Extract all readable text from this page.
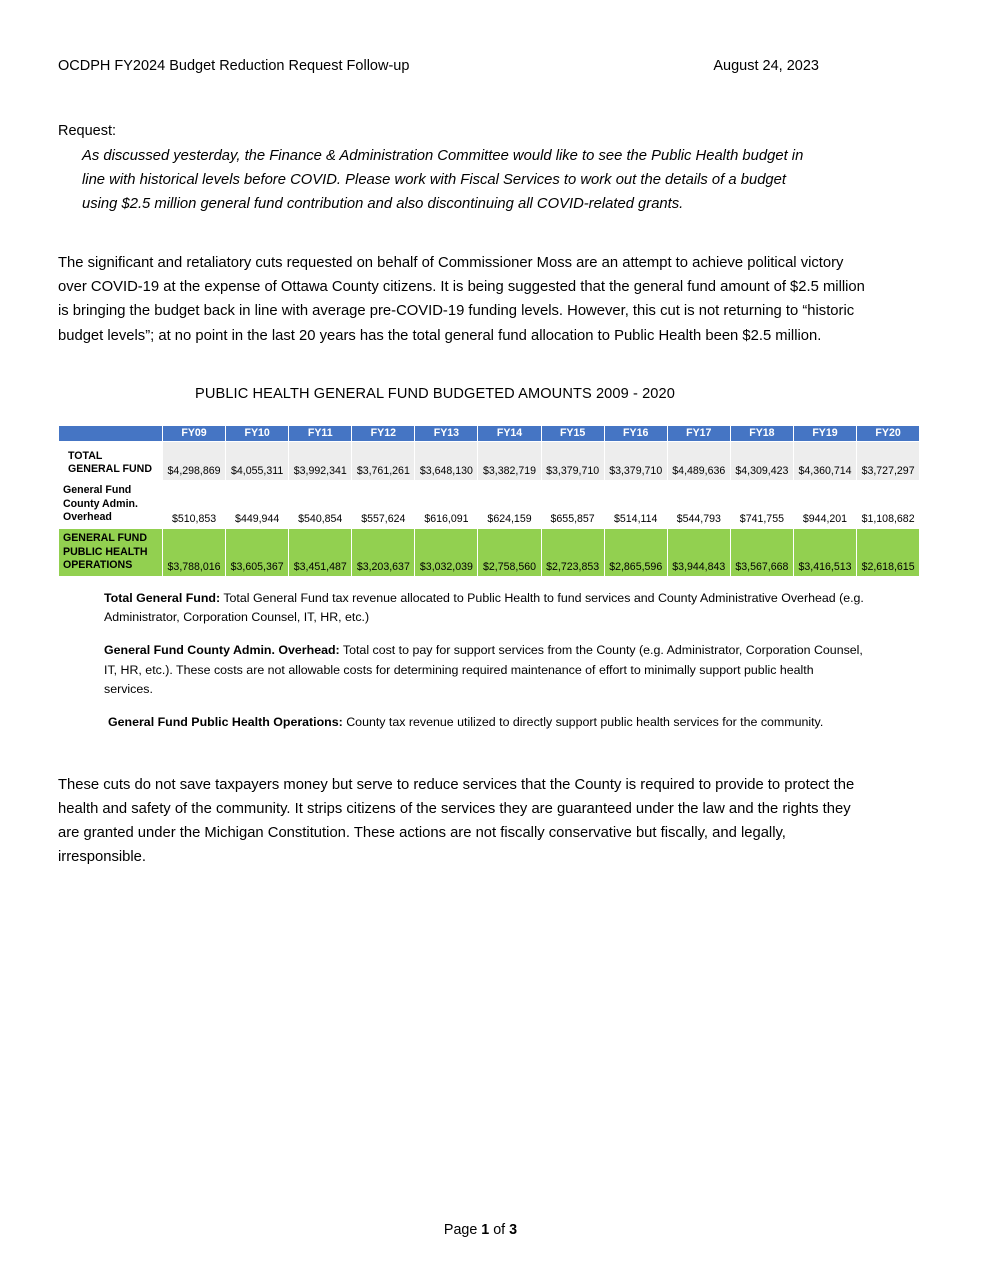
OCDPH FY2024 Budget Reduction Request Follow-up	August 24, 2023
Request:
As discussed yesterday, the Finance & Administration Committee would like to see the Public Health budget in line with historical levels before COVID. Please work with Fiscal Services to work out the details of a budget using $2.5 million general fund contribution and also discontinuing all COVID-related grants.
The significant and retaliatory cuts requested on behalf of Commissioner Moss are an attempt to achieve political victory over COVID-19 at the expense of Ottawa County citizens. It is being suggested that the general fund amount of $2.5 million is bringing the budget back in line with average pre-COVID-19 funding levels. However, this cut is not returning to “historic budget levels”; at no point in the last 20 years has the total general fund allocation to Public Health been $2.5 million.
PUBLIC HEALTH GENERAL FUND BUDGETED AMOUNTS 2009 - 2020
	FY09	FY10	FY11	FY12	FY13	FY14	FY15	FY16	FY17	FY18	FY19	FY20
TOTAL
GENERAL FUND	$4,298,869	$4,055,311	$3,992,341	$3,761,261	$3,648,130	$3,382,719	$3,379,710	$3,379,710	$4,489,636	$4,309,423	$4,360,714	$3,727,297
General Fund
County Admin.
Overhead	$510,853	$449,944	$540,854	$557,624	$616,091	$624,159	$655,857	$514,114	$544,793	$741,755	$944,201	$1,108,682
GENERAL FUND
PUBLIC HEALTH
OPERATIONS	$3,788,016	$3,605,367	$3,451,487	$3,203,637	$3,032,039	$2,758,560	$2,723,853	$2,865,596	$3,944,843	$3,567,668	$3,416,513	$2,618,615
Total General Fund: Total General Fund tax revenue allocated to Public Health to fund services and County Administrative Overhead (e.g. Administrator, Corporation Counsel, IT, HR, etc.)
General Fund County Admin. Overhead: Total cost to pay for support services from the County (e.g. Administrator, Corporation Counsel, IT, HR, etc.). These costs are not allowable costs for determining required maintenance of effort to minimally support public health services.
General Fund Public Health Operations: County tax revenue utilized to directly support public health services for the community.
These cuts do not save taxpayers money but serve to reduce services that the County is required to provide to protect the health and safety of the community. It strips citizens of the services they are guaranteed under the law and the rights they are granted under the Michigan Constitution. These actions are not fiscally conservative but fiscally, and legally, irresponsible.
Page 1 of 3
